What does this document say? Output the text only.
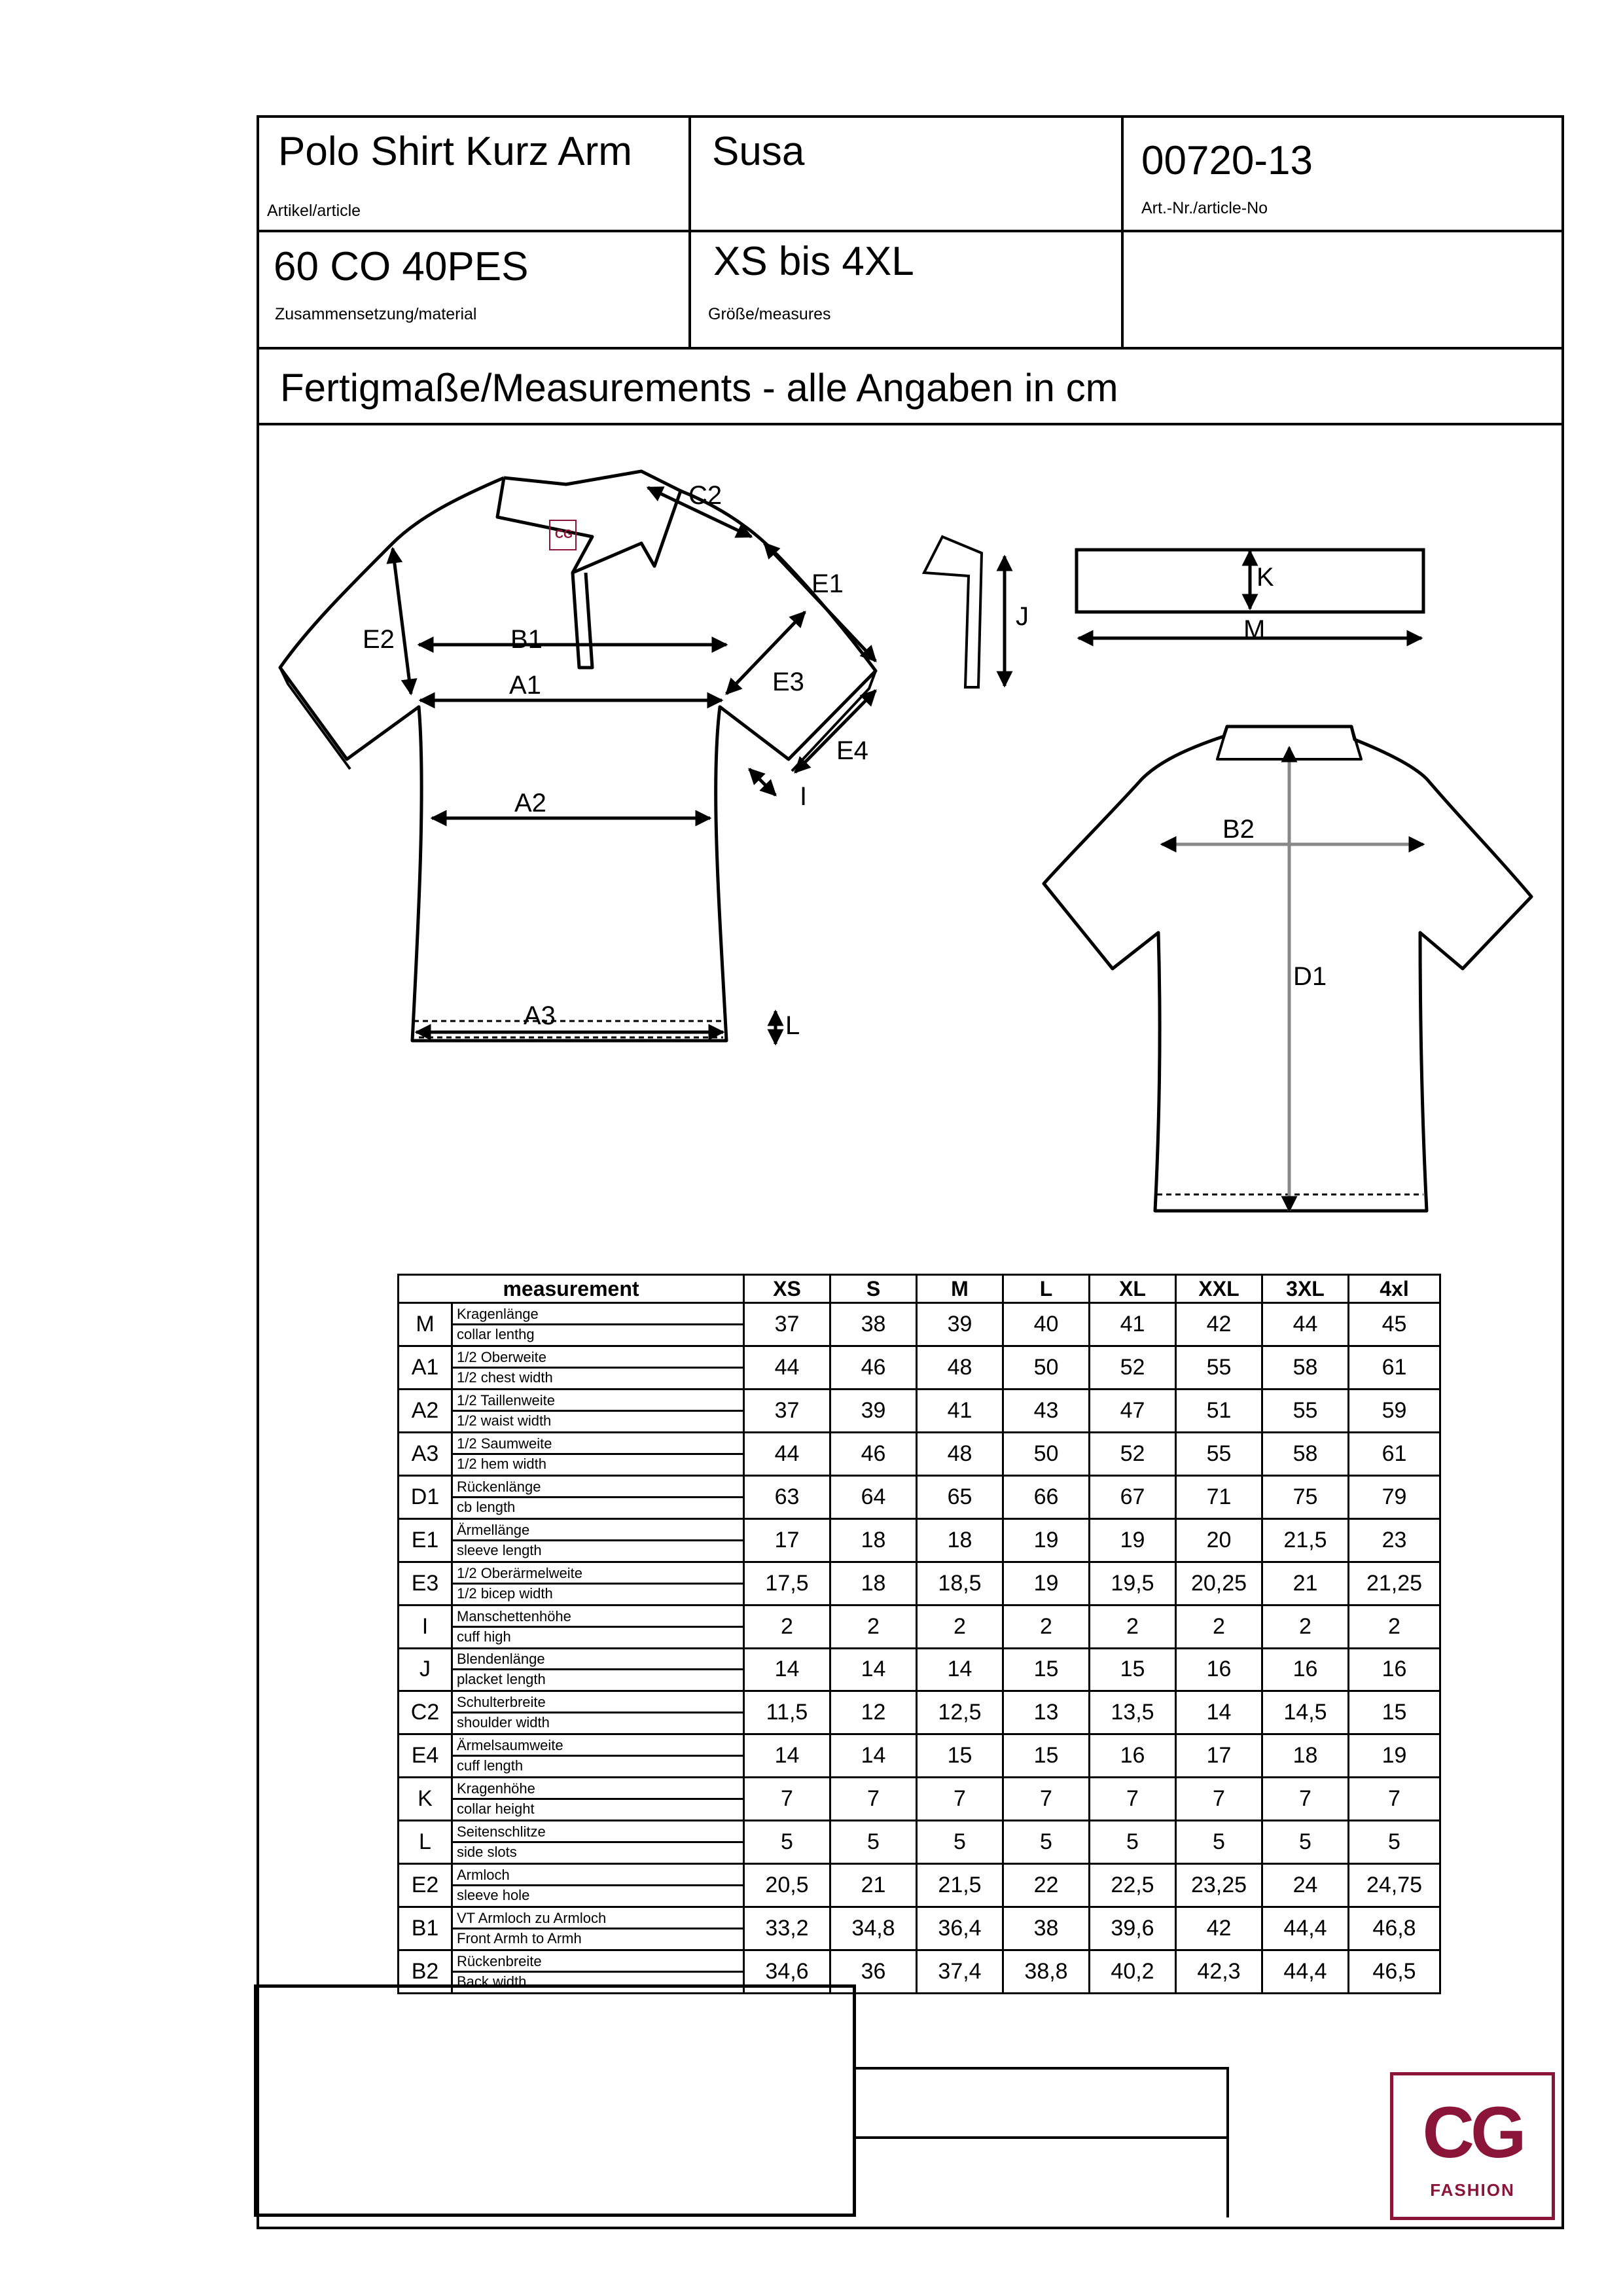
Polo Shirt Kurz Arm
Artikel/article
Susa	00720-13
Art.-Nr./article-No
60 CO 40PES
Zusammensetzung/material
XS bis 4XL
Größe/measures
Fertigmaße/Measurements - alle Angaben in cm
CG
C2
E1
E2	B1
A1	E3
E4
I
A2
A3	L
J
K
M
B2
D1
measurement		XS	S	M	L	XL	XXL	3XL	4xl
M	Kragenlänge
collar lenthg	37	38	39	40	41	42	44	45
A1	1/2 Oberweite
1/2 chest width	44	46	48	50	52	55	58	61
A2	1/2 Taillenweite
1/2 waist width	37	39	41	43	47	51	55	59
A3	1/2 Saumweite
1/2 hem width	44	46	48	50	52	55	58	61
D1	Rückenlänge
cb length	63	64	65	66	67	71	75	79
E1	Ärmellänge
sleeve length	17	18	18	19	19	20	21,5	23
E3	1/2 Oberärmelweite
1/2 bicep width	17,5	18	18,5	19	19,5	20,25	21	21,25
I	Manschettenhöhe
cuff high	2	2	2	2	2	2	2	2
J	Blendenlänge
placket length	14	14	14	15	15	16	16	16
C2	Schulterbreite
shoulder width	11,5	12	12,5	13	13,5	14	14,5	15
E4	Ärmelsaumweite
cuff length	14	14	15	15	16	17	18	19
K	Kragenhöhe
collar height	7	7	7	7	7	7	7	7
L	Seitenschlitze
side slots	5	5	5	5	5	5	5	5
E2	Armloch
sleeve hole	20,5	21	21,5	22	22,5	23,25	24	24,75
B1	VT Armloch zu Armloch
Front Armh to Armh	33,2	34,8	36,4	38	39,6	42	44,4	46,8
B2	Rückenbreite
Back width	34,6	36	37,4	38,8	40,2	42,3	44,4	46,5
CG
FASHION
